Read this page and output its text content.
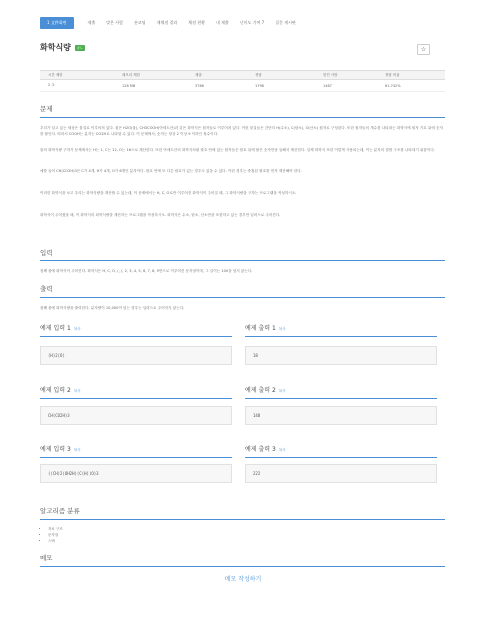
1 文件화면	제출	맞은 사람	숏코딩	재채점 결과	채점 현황	내 제출	난이도 기여 7	질문 게시판
화학식량	골드	☆
시간 제한	메모리 제한	제출	정답	맞힌 사람	정답 비율
2 초	128 MB	3766	1796	1467	61.742%
문제
우리가 살고 있는 세상은 물질로 이루어져 있다. 물은 H2O(물), CH3COOH(아세트산)과 같은 화학식은 원자들로 이루어져 있다. 이런 물질들은 간단히 H(수소), C(탄소), O(산소) 원자로 구성된다. 또한 원자들의 개수를 나타내는 화학식에 원자 기호 뒤에 숫자를 붙인다. 따라서 COOH는 분자는 CO2H로 나타낼 수 있다. 이 문제에서, 숫자는 항상 2 이상 9 이하인 정수이다.
물의 화학식량 구하기 문제에서는 H는 1, C는 12, O는 16으로 계산한다. 또한 아세트산의 화학식처럼 괄호 안에 있는 원자들은 괄호 뒤에 붙은 숫자만큼 곱해서 계산한다. 실제 화학식 또한 이렇게 사용되는데, 이는 분자의 결합 구조를 나타내기 위함이다.
예를 들어 CH(CO2H)3은 C가 4개, H가 4개, O가 6개인 분자이다. 괄호 안에 또 다른 괄호가 있는 경우도 있을 수 있다. 이런 경우는 중첩된 괄호를 먼저 계산해야 한다.
이러한 화학식을 보고 우리는 화학식량을 계산할 수 있는데, 이 문제에서는 H, C, O로만 이루어진 화학식이 주어질 때, 그 화학식량을 구하는 프로그램을 작성하시오.
화학식이 주어졌을 때, 이 화학식의 화학식량을 계산하는 프로그램을 작성하시오. 화학식은 수소, 탄소, 산소만을 포함하고 있는 경우만 입력으로 주어진다.
입력
첫째 줄에 화학식이 주어진다. 화학식은 H, C, O, (, ), 2, 3, 4, 5, 6, 7, 8, 9만으로 이루어진 문자열이며, 그 길이는 100을 넘지 않는다.
출력
첫째 줄에 화학식량을 출력한다. 분자량이 10,000이 넘는 경우는 입력으로 주어지지 않는다.
예제 입력 1 복사
(H)2(O)
예제 출력 1 복사
18
예제 입력 2 복사
CH(CO2H)3
예제 출력 2 복사
148
예제 입력 3 복사
((CH)2(OH2H)(C(H))O)3
예제 출력 3 복사
222
알고리즘 분류
• 자료 구조
• 문자열
• 스택
메모
메모 작성하기
